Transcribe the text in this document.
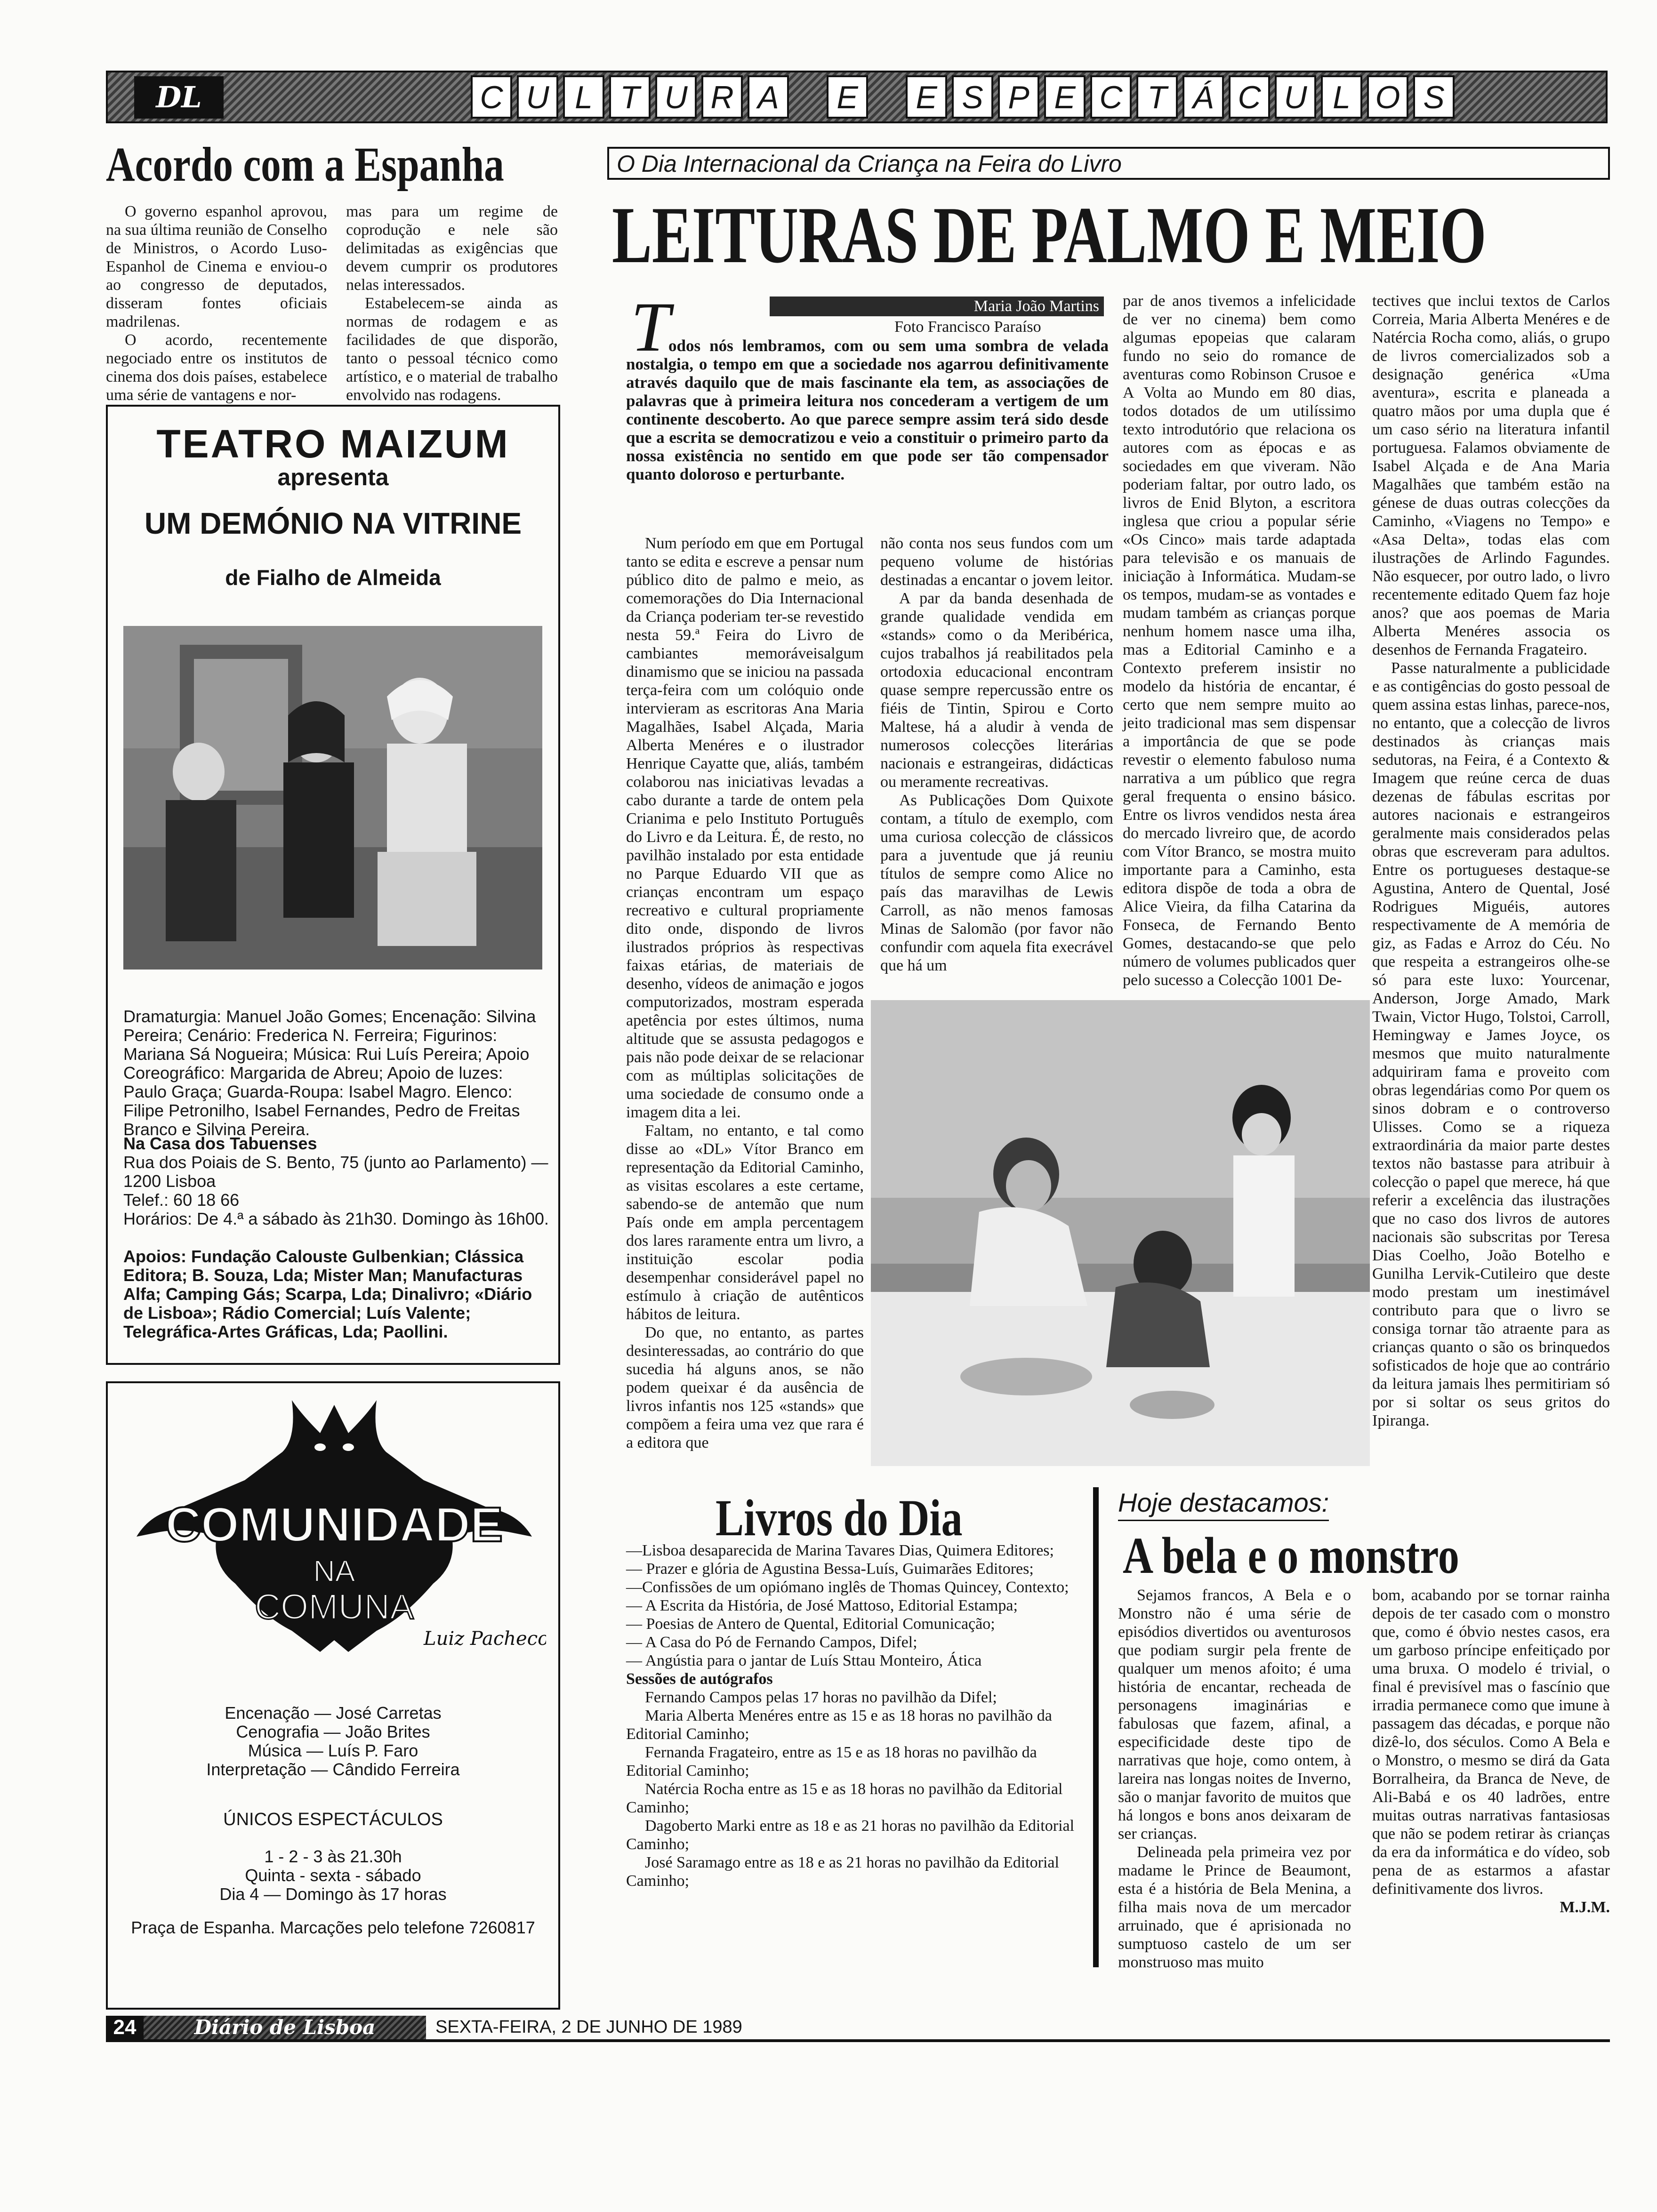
DL	C U L T U R A	E	E S P E C T Á C U L O S
Acordo com a Espanha

O governo espanhol aprovou, na sua última reunião de Conselho de Ministros, o Acordo Luso-Espanhol de Cinema e enviou-o ao congresso de deputados, disseram fontes oficiais madrilenas.

O acordo, recentemente negociado entre os institutos de cinema dos dois países, estabelece uma série de vantagens e nor-

mas para um regime de coprodução e nele são delimitadas as exigências que devem cumprir os produtores nelas interessados.

Estabelecem-se ainda as normas de rodagem e as facilidades de que disporão, tanto o pessoal técnico como artístico, e o material de trabalho envolvido nas rodagens.

TEATRO MAIZUM
apresenta
UM DEMÓNIO NA VITRINE
de Fialho de Almeida
Dramaturgia: Manuel João Gomes; Encenação: Silvina Pereira; Cenário: Frederica N. Ferreira; Figurinos: Mariana Sá Nogueira; Música: Rui Luís Pereira; Apoio Coreográfico: Margarida de Abreu; Apoio de luzes: Paulo Graça; Guarda-Roupa: Isabel Magro. Elenco: Filipe Petronilho, Isabel Fernandes, Pedro de Freitas Branco e Silvina Pereira.

Na Casa dos Tabuenses

Rua dos Poiais de S. Bento, 75 (junto ao Parlamento) — 1200 Lisboa

Telef.: 60 18 66

Horários: De 4.ª a sábado às 21h30. Domingo às 16h00.

Apoios: Fundação Calouste Gulbenkian; Clássica Editora; B. Souza, Lda; Mister Man; Manufacturas Alfa; Camping Gás; Scarpa, Lda; Dinalivro; «Diário de Lisboa»; Rádio Comercial; Luís Valente; Telegráfica-Artes Gráficas, Lda; Paollini.
COMUNIDADE
NA
COMUNA
Luiz Pacheco

Encenação — José Carretas

Cenografia — João Brites

Música — Luís P. Faro

Interpretação — Cândido Ferreira

ÚNICOS ESPECTÁCULOS

1 - 2 - 3 às 21.30h

Quinta - sexta - sábado

Dia 4 — Domingo às 17 horas

Praça de Espanha. Marcações pelo telefone 7260817
O Dia Internacional da Criança na Feira do Livro
LEITURAS DE PALMO E MEIO
Maria João Martins
Foto Francisco Paraíso
T
odos nós lembramos, com ou sem uma sombra de velada nostalgia, o tempo em que a sociedade nos agarrou definitivamente através daquilo que de mais fascinante ela tem, as associações de palavras que à primeira leitura nos concederam a vertigem de um continente descoberto. Ao que parece sempre assim terá sido desde que a escrita se democratizou e veio a constituir o primeiro parto da nossa existência no sentido em que pode ser tão compensador quanto doloroso e perturbante.

Num período em que em Portugal tanto se edita e escreve a pensar num público dito de palmo e meio, as comemorações do Dia Internacional da Criança poderiam ter-se revestido nesta 59.ª Feira do Livro de cambiantes memoráveisalgum dinamismo que se iniciou na passada terça-feira com um colóquio onde intervieram as escritoras Ana Maria Magalhães, Isabel Alçada, Maria Alberta Menéres e o ilustrador Henrique Cayatte que, aliás, também colaborou nas iniciativas levadas a cabo durante a tarde de ontem pela Crianima e pelo Instituto Português do Livro e da Leitura. É, de resto, no pavilhão instalado por esta entidade no Parque Eduardo VII que as crianças encontram um espaço recreativo e cultural propriamente dito onde, dispondo de livros ilustrados próprios às respectivas faixas etárias, de materiais de desenho, vídeos de animação e jogos computorizados, mostram esperada apetência por estes últimos, numa altitude que se assusta pedagogos e pais não pode deixar de se relacionar com as múltiplas solicitações de uma sociedade de consumo onde a imagem dita a lei.

Faltam, no entanto, e tal como disse ao «DL» Vítor Branco em representação da Editorial Caminho, as visitas escolares a este certame, sabendo-se de antemão que num País onde em ampla percentagem dos lares raramente entra um livro, a instituição escolar podia desempenhar considerável papel no estímulo à criação de autênticos hábitos de leitura.

Do que, no entanto, as partes desinteressadas, ao contrário do que sucedia há alguns anos, se não podem queixar é da ausência de livros infantis nos 125 «stands» que compõem a feira uma vez que rara é a editora que

não conta nos seus fundos com um pequeno volume de histórias destinadas a encantar o jovem leitor.

A par da banda desenhada de grande qualidade vendida em «stands» como o da Meribérica, cujos trabalhos já reabilitados pela ortodoxia educacional encontram quase sempre repercussão entre os fiéis de Tintin, Spirou e Corto Maltese, há a aludir à venda de numerosos colecções literárias nacionais e estrangeiras, didácticas ou meramente recreativas.

As Publicações Dom Quixote contam, a título de exemplo, com uma curiosa colecção de clássicos para a juventude que já reuniu títulos de sempre como Alice no país das maravilhas de Lewis Carroll, as não menos famosas Minas de Salomão (por favor não confundir com aquela fita execrável que há um

par de anos tivemos a infelicidade de ver no cinema) bem como algumas epopeias que calaram fundo no seio do romance de aventuras como Robinson Crusoe e A Volta ao Mundo em 80 dias, todos dotados de um utilíssimo texto introdutório que relaciona os autores com as épocas e as sociedades em que viveram. Não poderiam faltar, por outro lado, os livros de Enid Blyton, a escritora inglesa que criou a popular série «Os Cinco» mais tarde adaptada para televisão e os manuais de iniciação à Informática. Mudam-se os tempos, mudam-se as vontades e mudam também as crianças porque nenhum homem nasce uma ilha, mas a Editorial Caminho e a Contexto preferem insistir no modelo da história de encantar, é certo que nem sempre muito ao jeito tradicional mas sem dispensar a importância de que se pode revestir o elemento fabuloso numa narrativa a um público que regra geral frequenta o ensino básico. Entre os livros vendidos nesta área do mercado livreiro que, de acordo com Vítor Branco, se mostra muito importante para a Caminho, esta editora dispõe de toda a obra de Alice Vieira, da filha Catarina da Fonseca, de Fernando Bento Gomes, destacando-se que pelo número de volumes publicados quer pelo sucesso a Colecção 1001 De-

tectives que inclui textos de Carlos Correia, Maria Alberta Menéres e de Natércia Rocha como, aliás, o grupo de livros comercializados sob a designação genérica «Uma aventura», escrita e planeada a quatro mãos por uma dupla que é um caso sério na literatura infantil portuguesa. Falamos obviamente de Isabel Alçada e de Ana Maria Magalhães que também estão na génese de duas outras colecções da Caminho, «Viagens no Tempo» e «Asa Delta», todas elas com ilustrações de Arlindo Fagundes. Não esquecer, por outro lado, o livro recentemente editado Quem faz hoje anos? que aos poemas de Maria Alberta Menéres associa os desenhos de Fernanda Fragateiro.

Passe naturalmente a publicidade e as contigências do gosto pessoal de quem assina estas linhas, parece-nos, no entanto, que a colecção de livros destinados às crianças mais sedutoras, na Feira, é a Contexto & Imagem que reúne cerca de duas dezenas de fábulas escritas por autores nacionais e estrangeiros geralmente mais considerados pelas obras que escreveram para adultos. Entre os portugueses destaque-se Agustina, Antero de Quental, José Rodrigues Miguéis, autores respectivamente de A memória de giz, as Fadas e Arroz do Céu. No que respeita a estrangeiros olhe-se só para este luxo: Yourcenar, Anderson, Jorge Amado, Mark Twain, Victor Hugo, Tolstoi, Carroll, Hemingway e James Joyce, os mesmos que muito naturalmente adquiriram fama e proveito com obras legendárias como Por quem os sinos dobram e o controverso Ulisses. Como se a riqueza extraordinária da maior parte destes textos não bastasse para atribuir à colecção o papel que merece, há que referir a excelência das ilustrações que no caso dos livros de autores nacionais são subscritas por Teresa Dias Coelho, João Botelho e Gunilha Lervik-Cutileiro que deste modo prestam um inestimável contributo para que o livro se consiga tornar tão atraente para as crianças quanto o são os brinquedos sofisticados de hoje que ao contrário da leitura jamais lhes permitiriam só por si soltar os seus gritos do Ipiranga.

Livros do Dia

—Lisboa desaparecida de Marina Tavares Dias, Quimera Editores;

— Prazer e glória de Agustina Bessa-Luís, Guimarães Editores;

—Confissões de um opiómano inglês de Thomas Quincey, Contexto;

— A Escrita da História, de José Mattoso, Editorial Estampa;

— Poesias de Antero de Quental, Editorial Comunicação;

— A Casa do Pó de Fernando Campos, Difel;

— Angústia para o jantar de Luís Sttau Monteiro, Ática

Sessões de autógrafos

Fernando Campos pelas 17 horas no pavilhão da Difel;

Maria Alberta Menéres entre as 15 e as 18 horas no pavilhão da Editorial Caminho;

Fernanda Fragateiro, entre as 15 e as 18 horas no pavilhão da Editorial Caminho;

Natércia Rocha entre as 15 e as 18 horas no pavilhão da Editorial Caminho;

Dagoberto Marki entre as 18 e as 21 horas no pavilhão da Editorial Caminho;

José Saramago entre as 18 e as 21 horas no pavilhão da Editorial Caminho;

Hoje destacamos:
A bela e o monstro

Sejamos francos, A Bela e o Monstro não é uma série de episódios divertidos ou aventurosos que podiam surgir pela frente de qualquer um menos afoito; é uma história de encantar, recheada de personagens imaginárias e fabulosas que fazem, afinal, a especificidade deste tipo de narrativas que hoje, como ontem, à lareira nas longas noites de Inverno, são o manjar favorito de muitos que há longos e bons anos deixaram de ser crianças.

Delineada pela primeira vez por madame le Prince de Beaumont, esta é a história de Bela Menina, a filha mais nova de um mercador arruinado, que é aprisionada no sumptuoso castelo de um ser monstruoso mas muito

bom, acabando por se tornar rainha depois de ter casado com o monstro que, como é óbvio nestes casos, era um garboso príncipe enfeitiçado por uma bruxa. O modelo é trivial, o final é previsível mas o fascínio que irradia permanece como que imune à passagem das décadas, e porque não dizê-lo, dos séculos. Como A Bela e o Monstro, o mesmo se dirá da Gata Borralheira, da Branca de Neve, de Ali-Babá e os 40 ladrões, entre muitas outras narrativas fantasiosas que não se podem retirar às crianças da era da informática e do vídeo, sob pena de as estarmos a afastar definitivamente dos livros.

M.J.M.

24	Diário de Lisboa	SEXTA-FEIRA, 2 DE JUNHO DE 1989
